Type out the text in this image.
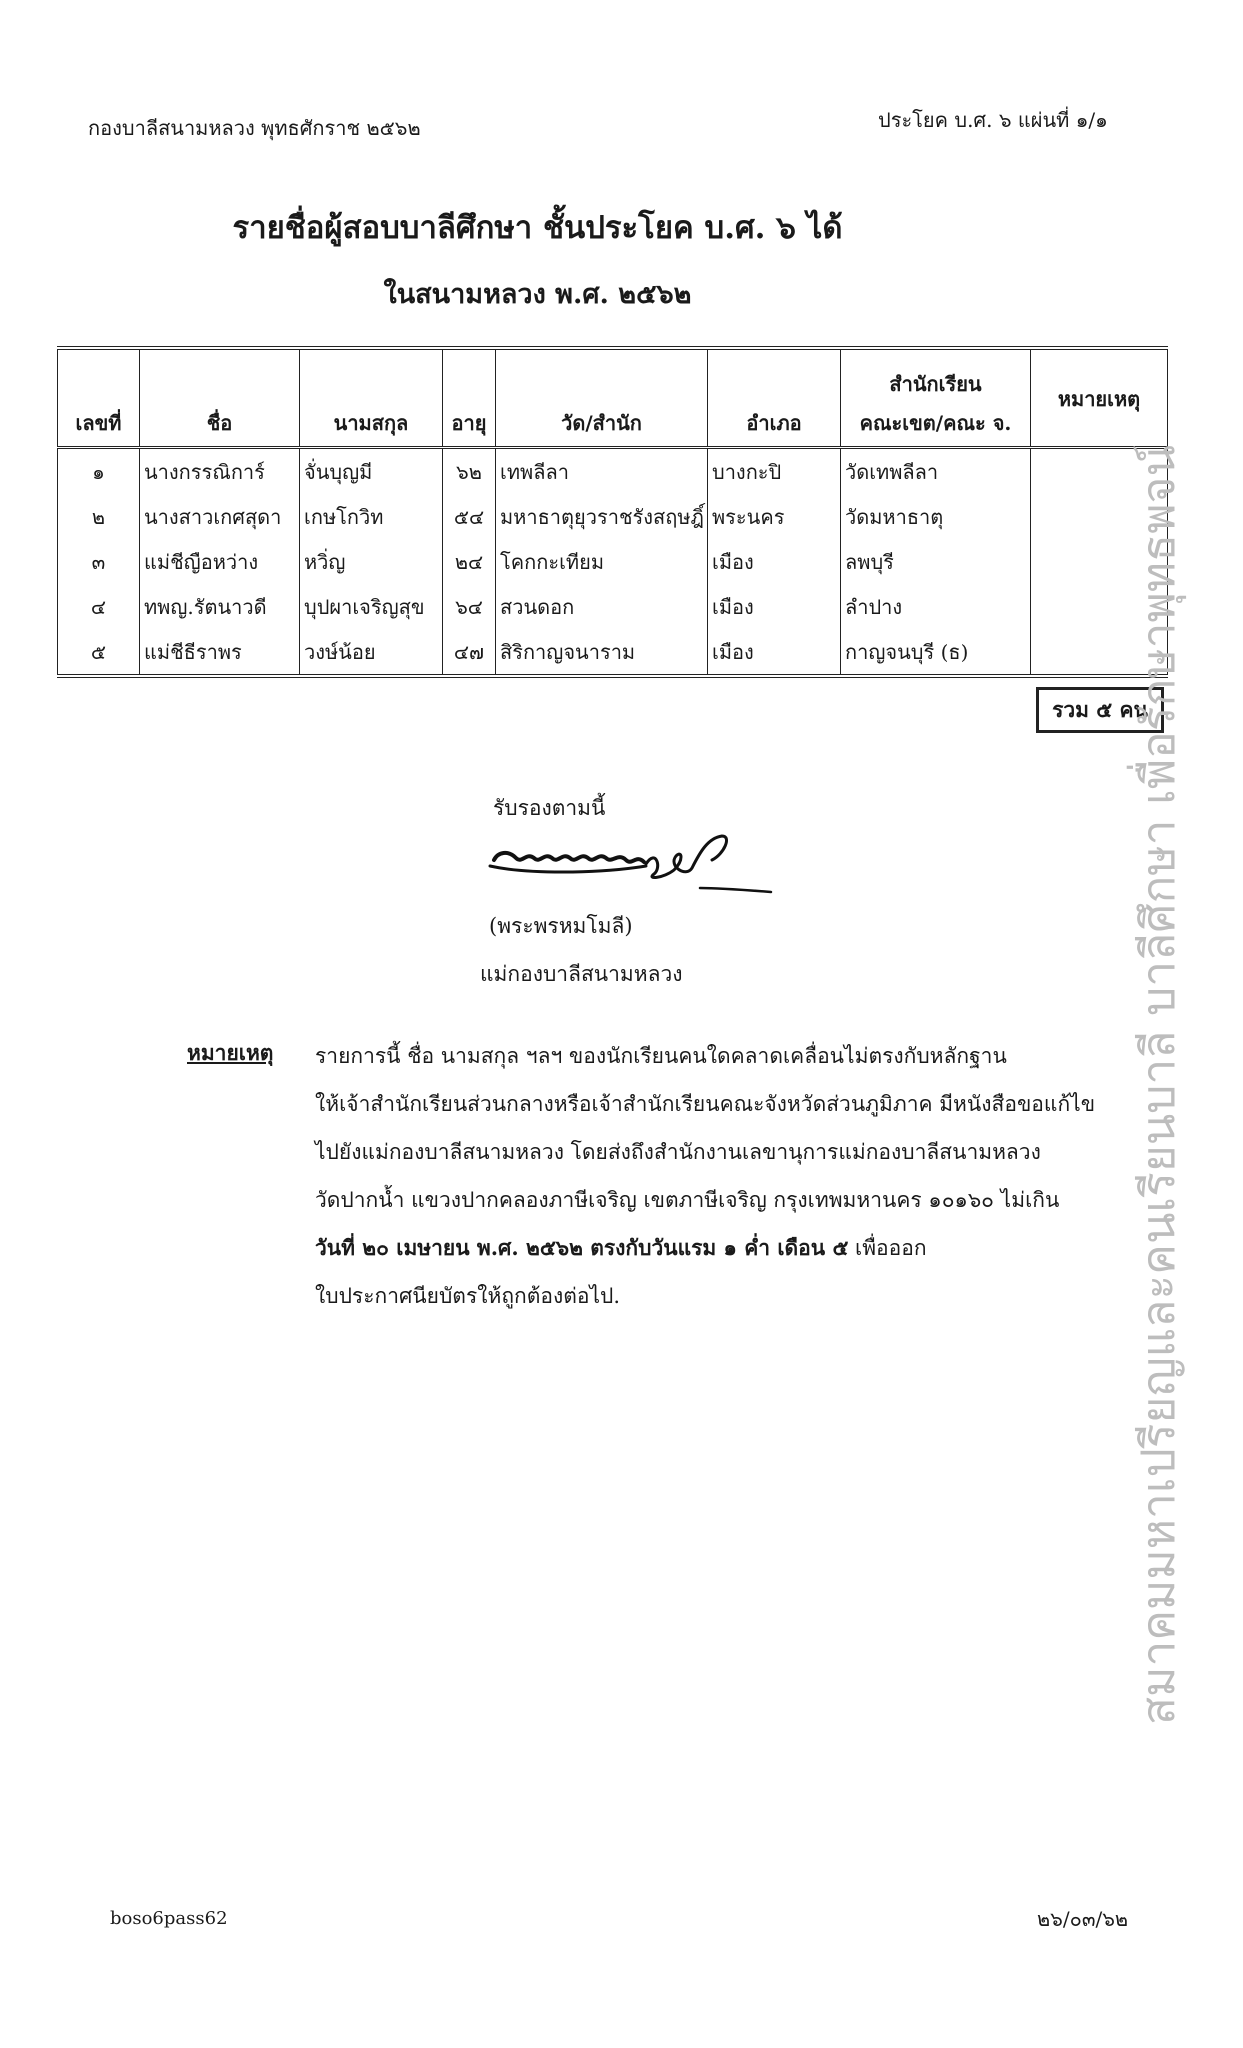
กองบาลีสนามหลวง พุทธศักราช ๒๕๖๒	ประโยค บ.ศ. ๖ แผ่นที่ ๑/๑
รายชื่อผู้สอบบาลีศึกษา ชั้นประโยค บ.ศ. ๖ ได้
ในสนามหลวง พ.ศ. ๒๕๖๒
						สำนักเรียน	
เลขที่	ชื่อ	นามสกุล	อายุ	วัด/สำนัก	อำเภอ	คณะเขต/คณะ จ.	หมายเหตุ
๑	นางกรรณิการ์	จั่นบุญมี	๖๒	เทพลีลา	บางกะปิ	วัดเทพลีลา	
๒	นางสาวเกศสุดา	เกษโกวิท	๕๔	มหาธาตุยุวราชรังสฤษฎิ์	พระนคร	วัดมหาธาตุ	
๓	แม่ชีญือหว่าง	หวิ่ญ	๒๔	โคกกะเทียม	เมือง	ลพบุรี	
๔	ทพญ.รัตนาวดี	บุปผาเจริญสุข	๖๔	สวนดอก	เมือง	ลำปาง	
๕	แม่ชีธีราพร	วงษ์น้อย	๔๗	สิริกาญจนาราม	เมือง	กาญจนบุรี (ธ)	
รวม ๕ คน
รับรองตามนี้
(พระพรหมโมลี)
แม่กองบาลีสนามหลวง
หมายเหตุ รายการนี้ ชื่อ นามสกุล ฯลฯ ของนักเรียนคนใดคลาดเคลื่อนไม่ตรงกับหลักฐาน
ให้เจ้าสำนักเรียนส่วนกลางหรือเจ้าสำนักเรียนคณะจังหวัดส่วนภูมิภาค มีหนังสือขอแก้ไข
ไปยังแม่กองบาลีสนามหลวง โดยส่งถึงสำนักงานเลขานุการแม่กองบาลีสนามหลวง
วัดปากน้ำ แขวงปากคลองภาษีเจริญ เขตภาษีเจริญ กรุงเทพมหานคร ๑๐๑๖๐ ไม่เกิน
วันที่ ๒๐ เมษายน พ.ศ. ๒๕๖๒ ตรงกับวันแรม ๑ ค่ำ เดือน ๕ เพื่อออก
ใบประกาศนียบัตรให้ถูกต้องต่อไป.	สมาคมมหาเปรียญและคนเรียนบาลี บาลีศึกษา เพื่อรักษาพุทธพจน์
boso6pass62	๒๖/๐๓/๖๒
